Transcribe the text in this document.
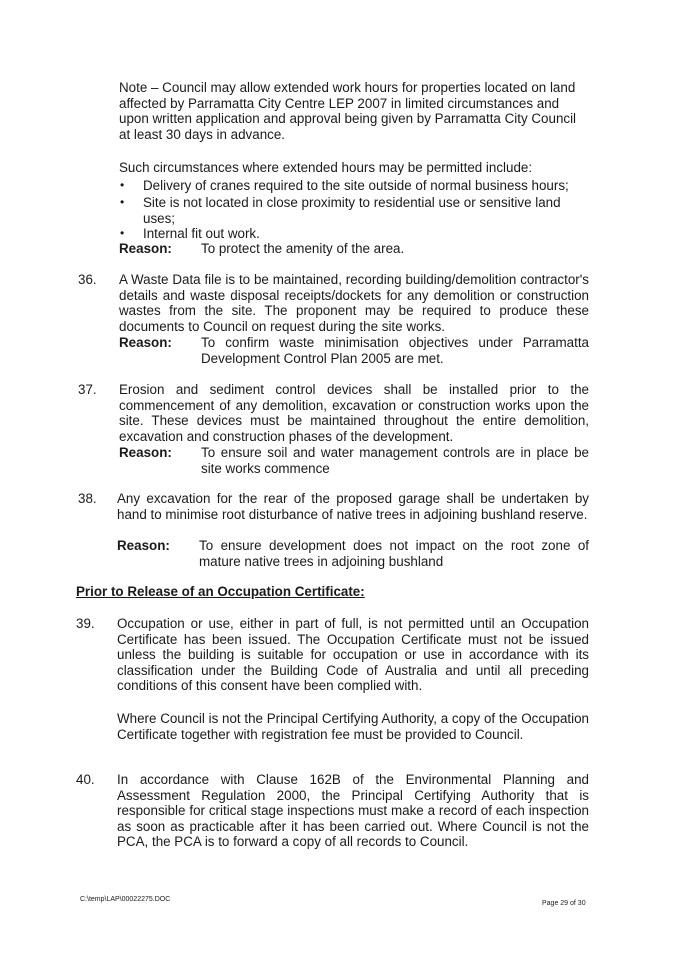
Note – Council may allow extended work hours for properties located on land affected by Parramatta City Centre LEP 2007 in limited circumstances and upon written application and approval being given by Parramatta City Council at least 30 days in advance.

Such circumstances where extended hours may be permitted include:

• Delivery of cranes required to the site outside of normal business hours;

• Site is not located in close proximity to residential use or sensitive land uses;

• Internal fit out work.

Reason: To protect the amenity of the area.

36. A Waste Data file is to be maintained, recording building/demolition contractor's details and waste disposal receipts/dockets for any demolition or construction wastes from the site. The proponent may be required to produce these documents to Council on request during the site works.

Reason: To confirm waste minimisation objectives under Parramatta Development Control Plan 2005 are met.

37. Erosion and sediment control devices shall be installed prior to the commencement of any demolition, excavation or construction works upon the site. These devices must be maintained throughout the entire demolition, excavation and construction phases of the development.

Reason: To ensure soil and water management controls are in place be site works commence

38. Any excavation for the rear of the proposed garage shall be undertaken by hand to minimise root disturbance of native trees in adjoining bushland reserve.

Reason: To ensure development does not impact on the root zone of mature native trees in adjoining bushland

Prior to Release of an Occupation Certificate:
39. Occupation or use, either in part of full, is not permitted until an Occupation Certificate has been issued. The Occupation Certificate must not be issued unless the building is suitable for occupation or use in accordance with its classification under the Building Code of Australia and until all preceding conditions of this consent have been complied with.

Where Council is not the Principal Certifying Authority, a copy of the Occupation Certificate together with registration fee must be provided to Council.

40. In accordance with Clause 162B of the Environmental Planning and Assessment Regulation 2000, the Principal Certifying Authority that is responsible for critical stage inspections must make a record of each inspection as soon as practicable after it has been carried out. Where Council is not the PCA, the PCA is to forward a copy of all records to Council.

C:\temp\LAP\00022275.DOC
Page 29 of 30
